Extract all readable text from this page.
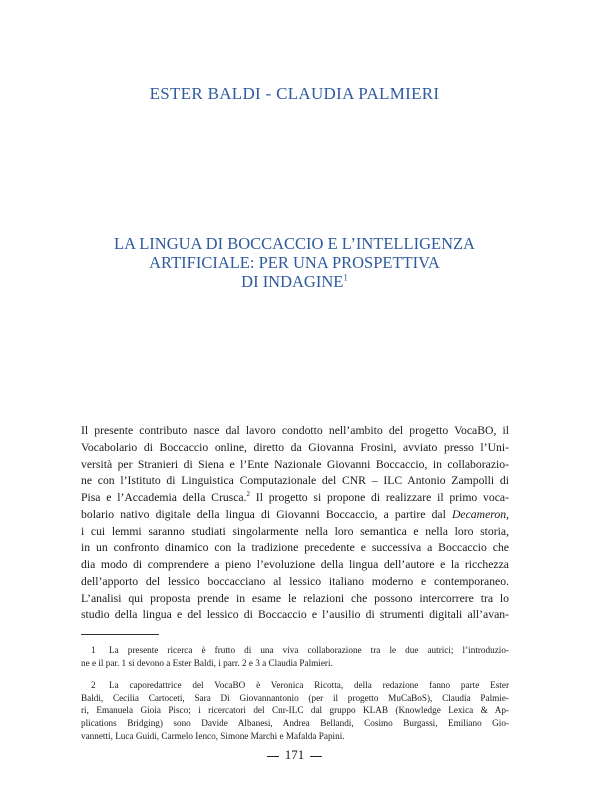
ESTER BALDI - CLAUDIA PALMIERI
LA LINGUA DI BOCCACCIO E L’INTELLIGENZA
ARTIFICIALE: PER UNA PROSPETTIVA
DI INDAGINE$^1$
Il presente contributo nasce dal lavoro condotto nell’ambito del progetto VocaBO, il
Vocabolario di Boccaccio online, diretto da Giovanna Frosini, avviato presso l’Uni-
versità per Stranieri di Siena e l’Ente Nazionale Giovanni Boccaccio, in collaborazio-
ne con l’Istituto di Linguistica Computazionale del CNR – ILC Antonio Zampolli di
Pisa e l’Accademia della Crusca.$^2$ Il progetto si propone di realizzare il primo voca-
bolario nativo digitale della lingua di Giovanni Boccaccio, a partire dal Decameron,
i cui lemmi saranno studiati singolarmente nella loro semantica e nella loro storia,
in un confronto dinamico con la tradizione precedente e successiva a Boccaccio che
dia modo di comprendere a pieno l’evoluzione della lingua dell’autore e la ricchezza
dell’apporto del lessico boccacciano al lessico italiano moderno e contemporaneo.
L’analisi qui proposta prende in esame le relazioni che possono intercorrere tra lo
studio della lingua e del lessico di Boccaccio e l’ausilio di strumenti digitali all’avan-
1 La presente ricerca è frutto di una viva collaborazione tra le due autrici; l’introduzio-
ne e il par. 1 si devono a Ester Baldi, i parr. 2 e 3 a Claudia Palmieri.
2 La caporedattrice del VocaBO è Veronica Ricotta, della redazione fanno parte Ester
Baldi, Cecilia Cartoceti, Sara Di Giovannantonio (per il progetto MuCaBoS), Claudia Palmie-
ri, Emanuela Gioia Pisco; i ricercatori del Cnr-ILC dal gruppo KLAB (Knowledge Lexica & Ap-
plications Bridging) sono Davide Albanesi, Andrea Bellandi, Cosimo Burgassi, Emiliano Gio-
vannetti, Luca Guidi, Carmelo Ienco, Simone Marchi e Mafalda Papini.
171
